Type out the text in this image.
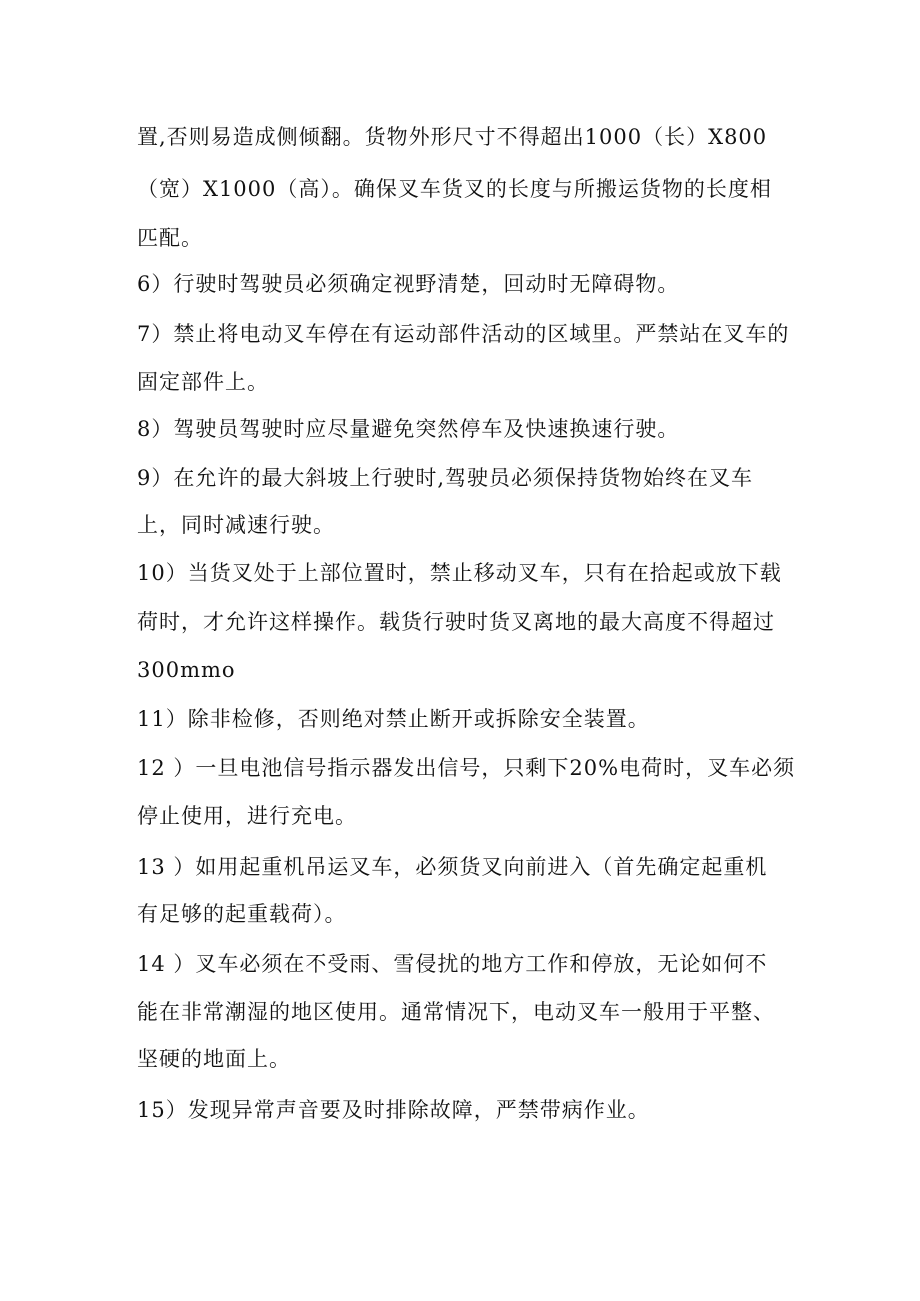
置,否则易造成侧倾翻。货物外形尺寸不得超出1000（长）X800
（宽）X1000（高）。确保叉车货叉的长度与所搬运货物的长度相
匹配。
6）行驶时驾驶员必须确定视野清楚，回动时无障碍物。
7）禁止将电动叉车停在有运动部件活动的区域里。严禁站在叉车的
固定部件上。
8）驾驶员驾驶时应尽量避免突然停车及快速换速行驶。
9）在允许的最大斜坡上行驶时,驾驶员必须保持货物始终在叉车
上，同时减速行驶。
10）当货叉处于上部位置时，禁止移动叉车，只有在拾起或放下载
荷时，才允许这样操作。载货行驶时货叉离地的最大高度不得超过
300mmo
11）除非检修，否则绝对禁止断开或拆除安全装置。
12 ）一旦电池信号指示器发出信号，只剩下20%电荷时，叉车必须
停止使用，进行充电。
13 ）如用起重机吊运叉车，必须货叉向前进入（首先确定起重机
有足够的起重载荷）。
14 ）叉车必须在不受雨、雪侵扰的地方工作和停放，无论如何不
能在非常潮湿的地区使用。通常情况下，电动叉车一般用于平整、
坚硬的地面上。
15）发现异常声音要及时排除故障，严禁带病作业。
